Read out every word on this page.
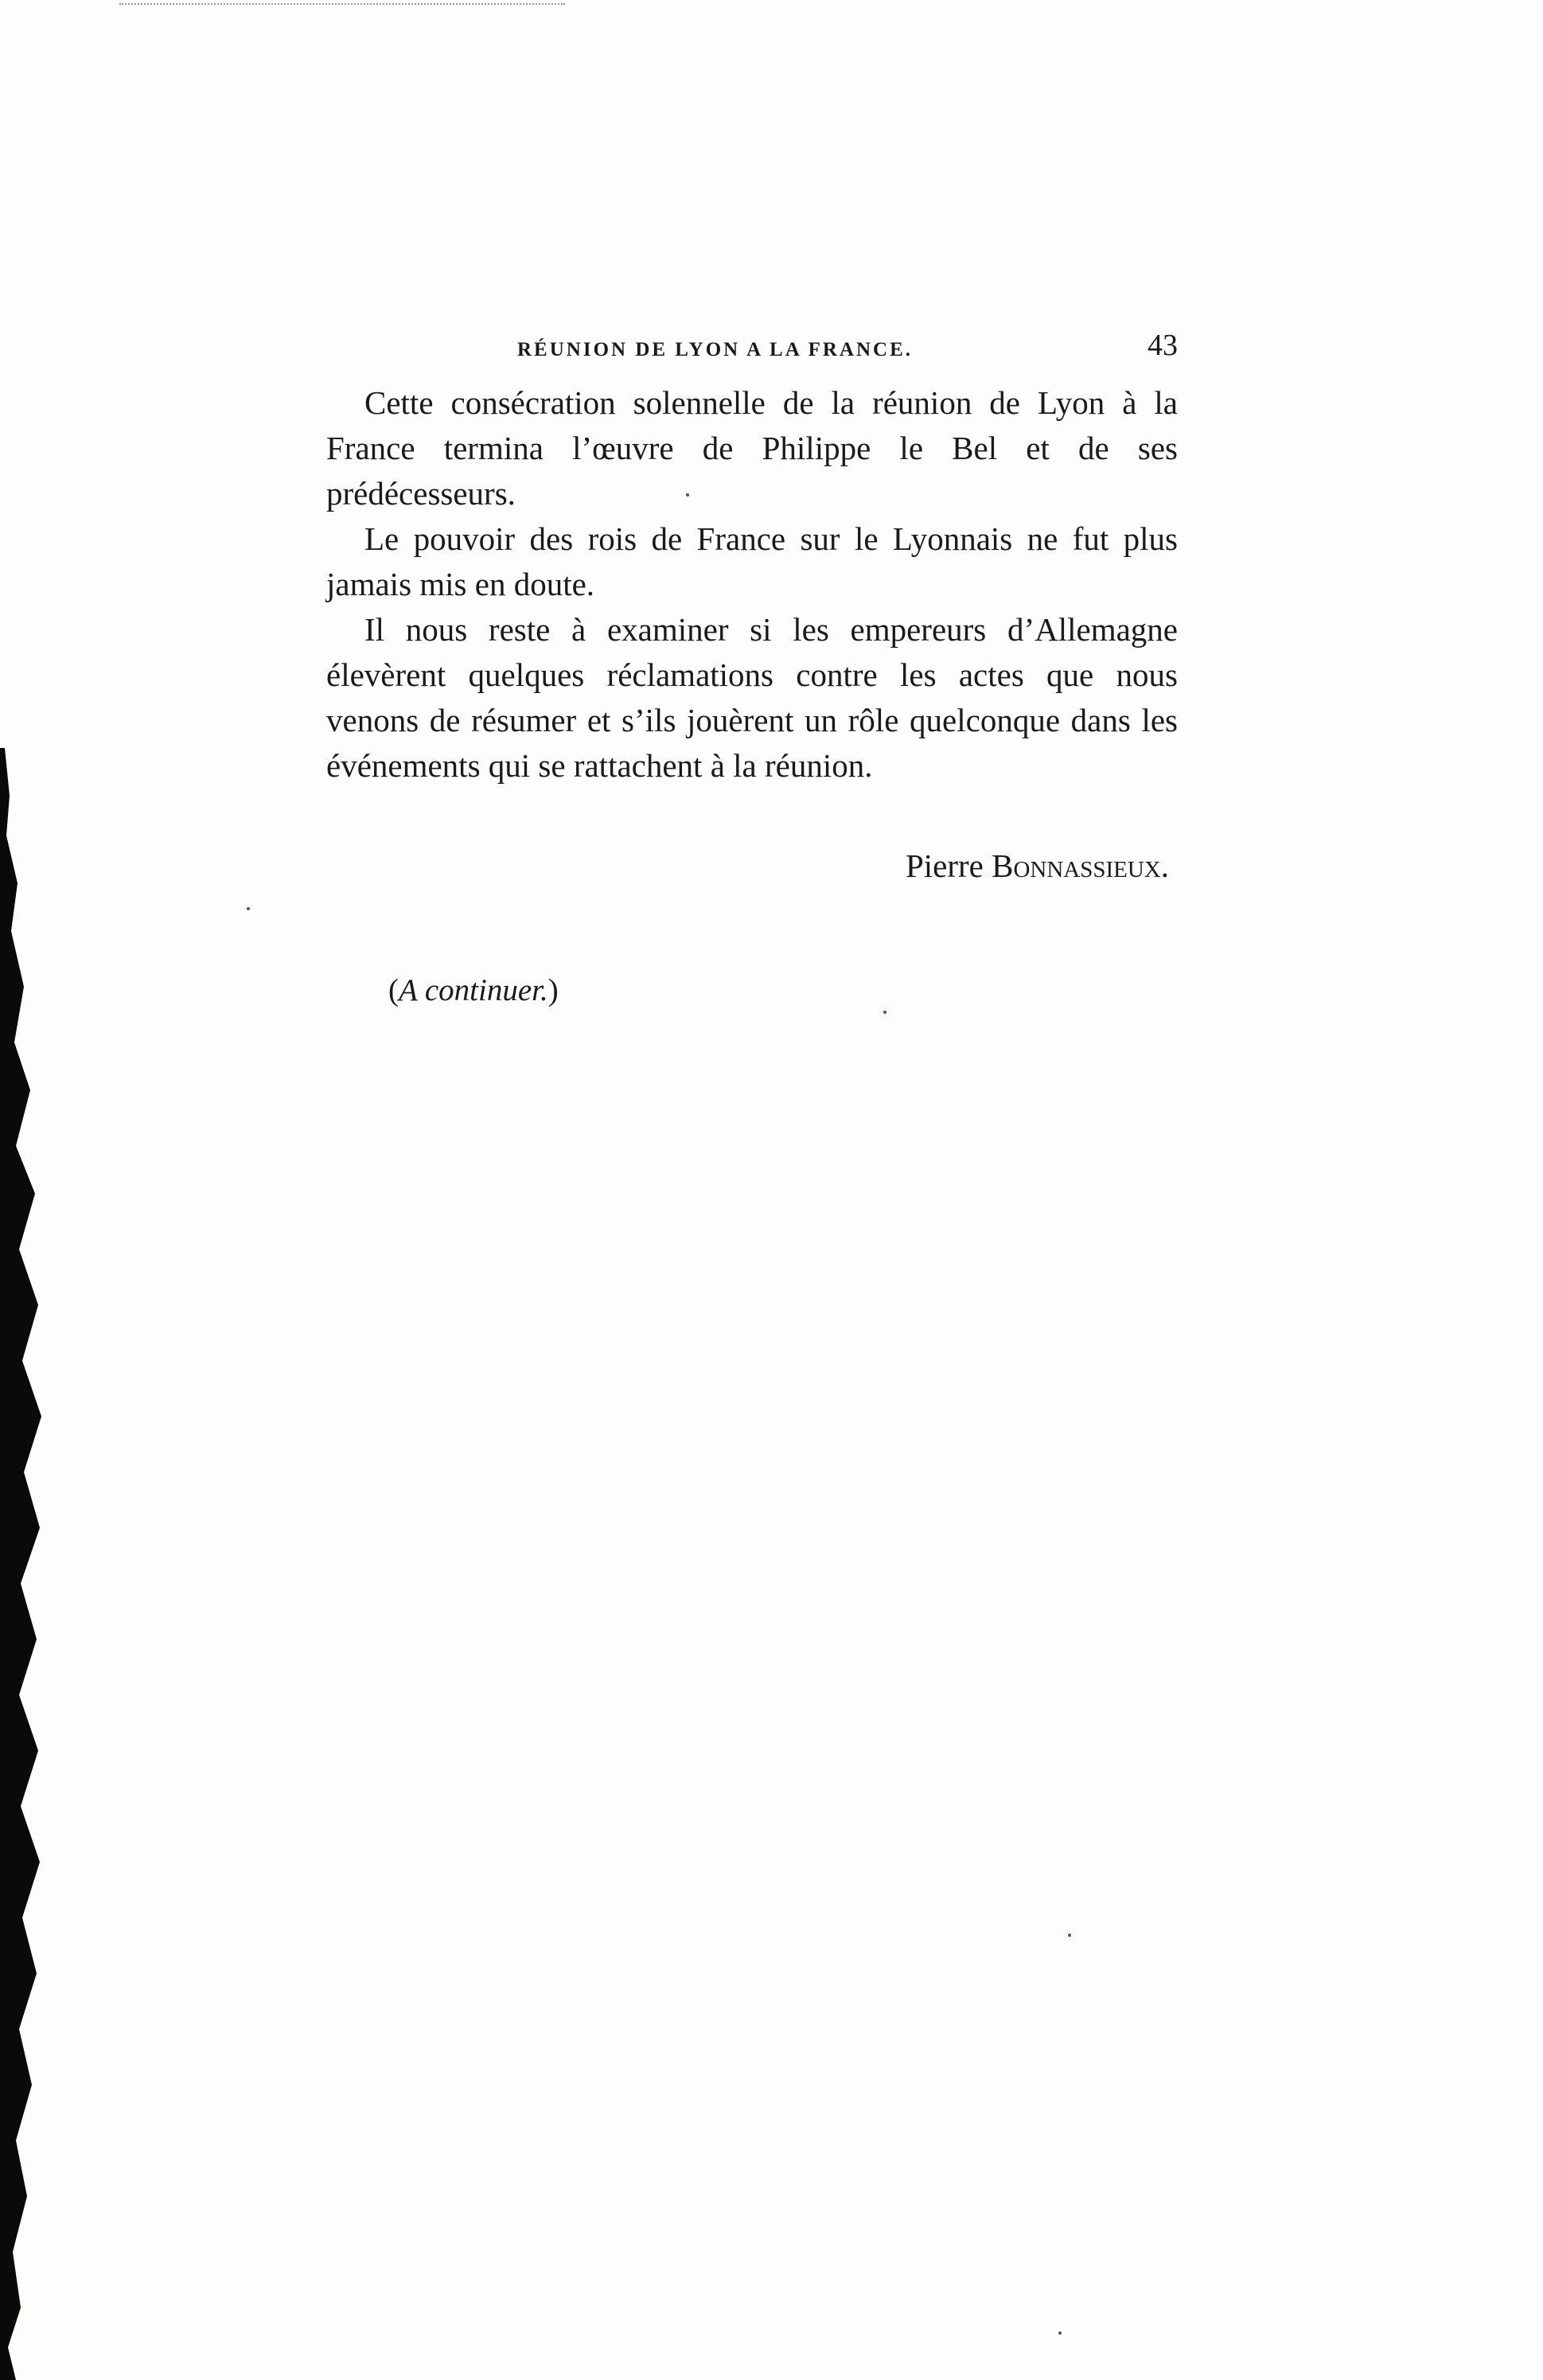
RÉUNION DE LYON A LA FRANCE.	43

Cette consécration solennelle de la réunion de Lyon à la France termina l’œuvre de Philippe le Bel et de ses prédécesseurs.

Le pouvoir des rois de France sur le Lyonnais ne fut plus jamais mis en doute.

Il nous reste à examiner si les empereurs d’Allemagne élevèrent quelques réclamations contre les actes que nous venons de résumer et s’ils jouèrent un rôle quelconque dans les événements qui se rattachent à la réunion.

Pierre Bonnassieux.
(A continuer.)
